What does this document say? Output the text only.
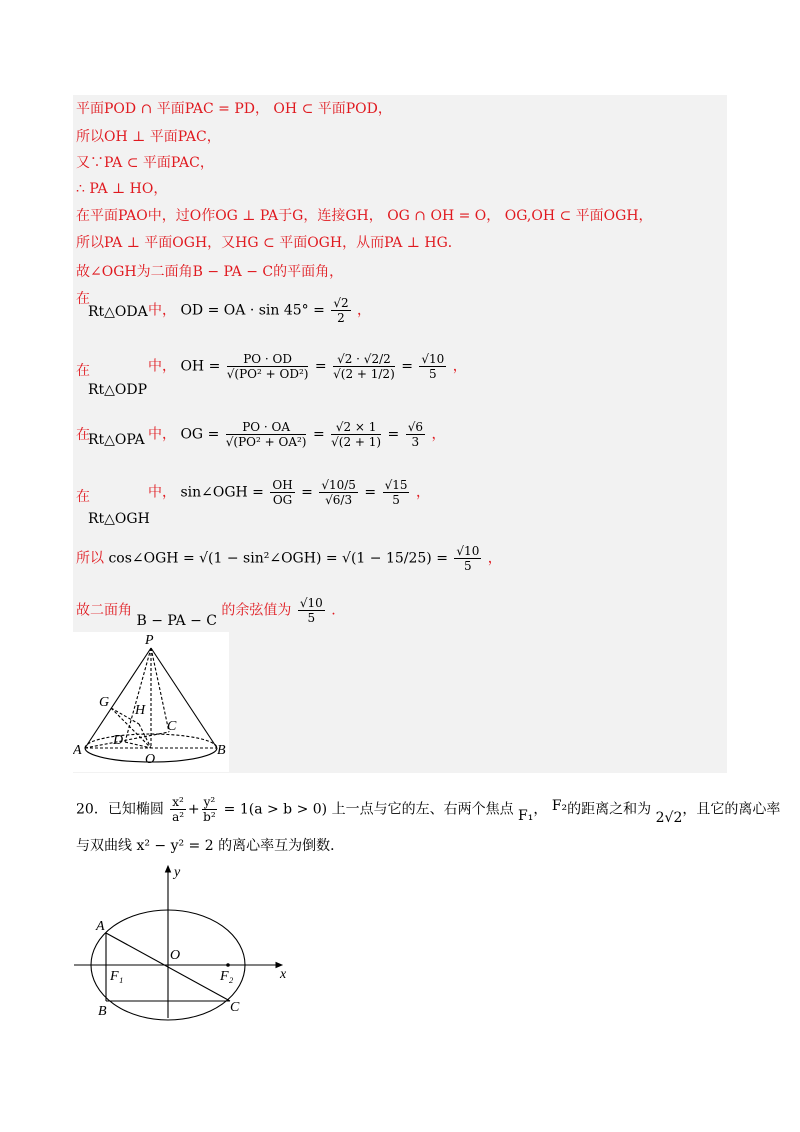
平面POD ∩ 平面PAC = PD， OH ⊂ 平面POD，
所以OH ⊥ 平面PAC，
又∵PA ⊂ 平面PAC，
∴ PA ⊥ HO，
在平面PAO中，过O作OG ⊥ PA于G，连接GH， OG ∩ OH = O， OG,OH ⊂ 平面OGH，
所以PA ⊥ 平面OGH，又HG ⊂ 平面OGH，从而PA ⊥ HG．
故∠OGH为二面角B − PA − C的平面角，
在
Rt△ODA 中， OD = OA · $\sin 45^\circ = \frac{√2}{2}$ ，
在
Rt△ODP
中， OH = $\frac{PO \cdot OD}{\text{√(PO² + OD²)}} = \frac{√2 \cdot √2/2}{√(2 + 1/2)} = \frac{√10}{5}$ ，
在
Rt△OPA 中， OG = $\frac{PO \cdot OA}{\text{√(PO² + OA²)}} = \frac{√2 \times 1}{√(2 + 1)} = \frac{√6}{3}$ ，
在
Rt△OGH
中， sin∠OGH = $\frac{OH}{OG} = \frac{√10/5}{√6/3} = \frac{√15}{5}$ ，
所以 cos∠OGH = √(1 − sin²∠OGH) = $√(1 - 15/25) = \frac{√10}{5}$ ，
故二面角 B − PA − C 的余弦值为 $\frac{√10}{5}$ .
P
G
H
C
D
A
O
B
20．已知椭圆 $\frac{\text{x²}}{\text{a²}} + \frac{\text{y²}}{\text{b²}} = 1(a > b > 0)$ 上一点与它的左、右两个焦点 F₁， F₂的距离之和为 2√2，且它的离心率
与双曲线 x² − y² = 2 的离心率互为倒数．
y
x
A
O
F₁	F₂
B	C
